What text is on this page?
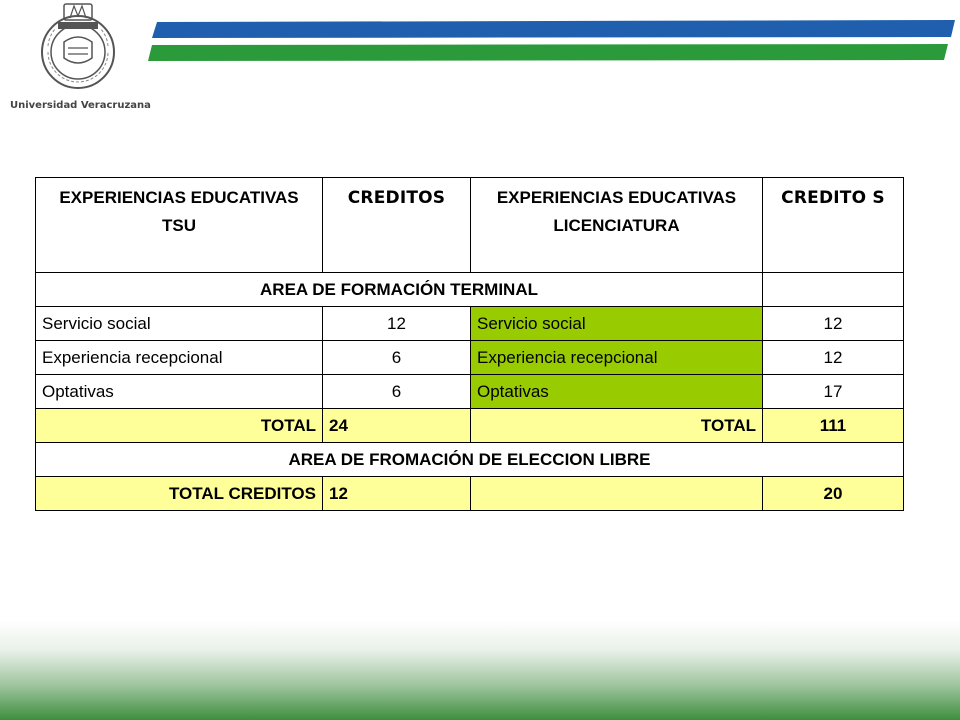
Universidad Veracruzana
EXPERIENCIAS EDUCATIVAS TSU	CREDITOS	EXPERIENCIAS EDUCATIVAS LICENCIATURA	CREDITO S
AREA DE FORMACIÓN TERMINAL			
Servicio social	12	Servicio social	12
Experiencia recepcional	6	Experiencia recepcional	12
Optativas	6	Optativas	17
TOTAL	24	TOTAL	111
AREA DE FROMACIÓN DE ELECCION LIBRE			
TOTAL CREDITOS	12		20
